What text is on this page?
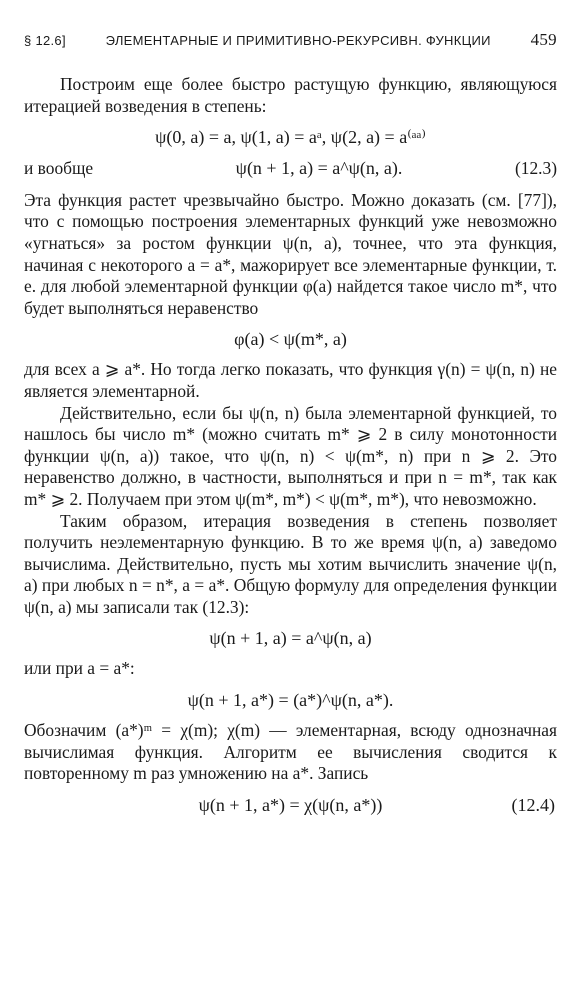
§ 12.6]	ЭЛЕМЕНТАРНЫЕ И ПРИМИТИВНО-РЕКУРСИВН. ФУНКЦИИ 459

Построим еще более быстро растущую функцию, являющуюся итерацией возведения в степень:

ψ(0, a) = a, ψ(1, a) = aᵃ, ψ(2, a) = a⁽ᵃᵃ⁾
и вообще	ψ(n + 1, a) = a^ψ(n, a).	(12.3)

Эта функция растет чрезвычайно быстро. Можно доказать (см. [77]), что с помощью построения элементарных функций уже невозможно «угнаться» за ростом функции ψ(n, a), точнее, что эта функция, начиная с некоторого a = a*, мажорирует все элементарные функции, т. е. для любой элементарной функции φ(a) найдется такое число m*, что будет выполняться неравенство

φ(a) < ψ(m*, a)

для всех a ⩾ a*. Но тогда легко показать, что функция γ(n) = ψ(n, n) не является элементарной.

Действительно, если бы ψ(n, n) была элементарной функцией, то нашлось бы число m* (можно считать m* ⩾ 2 в силу монотонности функции ψ(n, a)) такое, что ψ(n, n) < ψ(m*, n) при n ⩾ 2. Это неравенство должно, в частности, выполняться и при n = m*, так как m* ⩾ 2. Получаем при этом ψ(m*, m*) < ψ(m*, m*), что невозможно.

Таким образом, итерация возведения в степень позволяет получить неэлементарную функцию. В то же время ψ(n, a) заведомо вычислима. Действительно, пусть мы хотим вычислить значение ψ(n, a) при любых n = n*, a = a*. Общую формулу для определения функции ψ(n, a) мы записали так (12.3):

ψ(n + 1, a) = a^ψ(n, a)

или при a = a*:

ψ(n + 1, a*) = (a*)^ψ(n, a*).

Обозначим (a*)ᵐ = χ(m); χ(m) — элементарная, всюду однозначная вычислимая функция. Алгоритм ее вычисления сводится к повторенному m раз умножению на a*. Запись

ψ(n + 1, a*) = χ(ψ(n, a*))	(12.4)
